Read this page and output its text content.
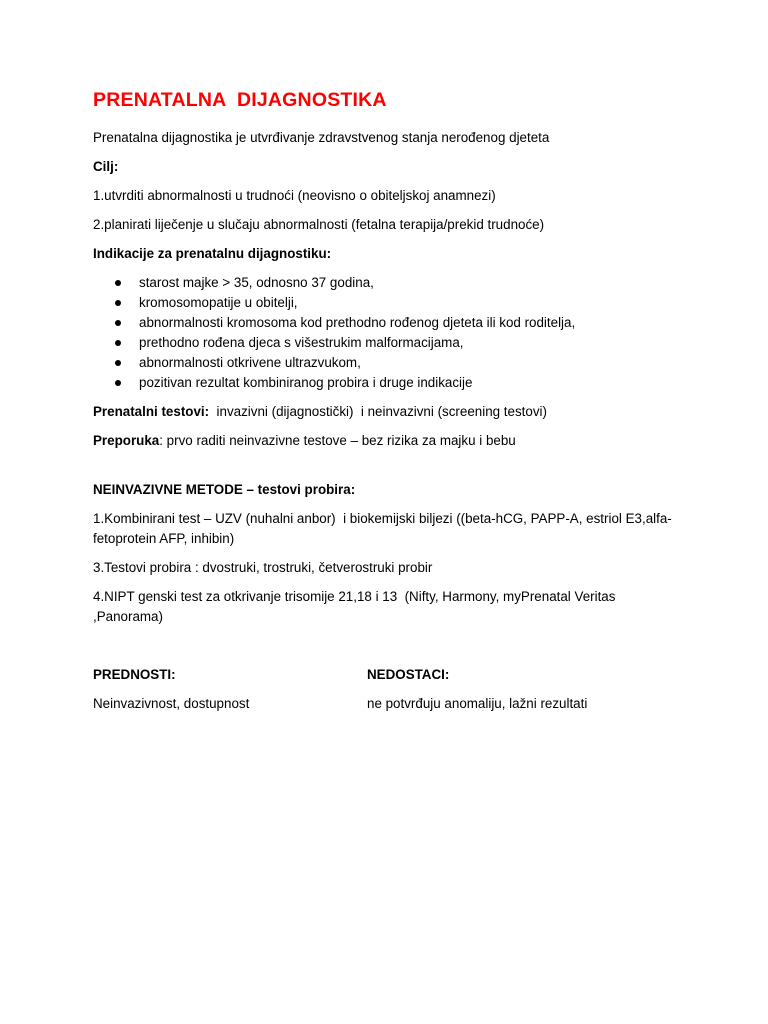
PRENATALNA  DIJAGNOSTIKA
Prenatalna dijagnostika je utvrđivanje zdravstvenog stanja nerođenog djeteta
Cilj:
1.utvrditi abnormalnosti u trudnoći (neovisno o obiteljskoj anamnezi)
2.planirati liječenje u slučaju abnormalnosti (fetalna terapija/prekid trudnoće)
Indikacije za prenatalnu dijagnostiku:
starost majke > 35, odnosno 37 godina,
kromosomopatije u obitelji,
abnormalnosti kromosoma kod prethodno rođenog djeteta ili kod roditelja,
prethodno rođena djeca s višestrukim malformacijama,
abnormalnosti otkrivene ultrazvukom,
pozitivan rezultat kombiniranog probira i druge indikacije
Prenatalni testovi:  invazivni (dijagnostički)  i neinvazivni (screening testovi)
Preporuka: prvo raditi neinvazivne testove – bez rizika za majku i bebu
NEINVAZIVNE METODE – testovi probira:
1.Kombinirani test – UZV (nuhalni anbor)  i biokemijski biljezi ((beta-hCG, PAPP-A, estriol E3,alfa-fetoprotein AFP, inhibin)
3.Testovi probira : dvostruki, trostruki, četverostruki probir
4.NIPT genski test za otkrivanje trisomije 21,18 i 13  (Nifty, Harmony, myPrenatal Veritas ,Panorama)
PREDNOSTI:	NEDOSTACI:
Neinvazivnost, dostupnost	ne potvrđuju anomaliju, lažni rezultati
